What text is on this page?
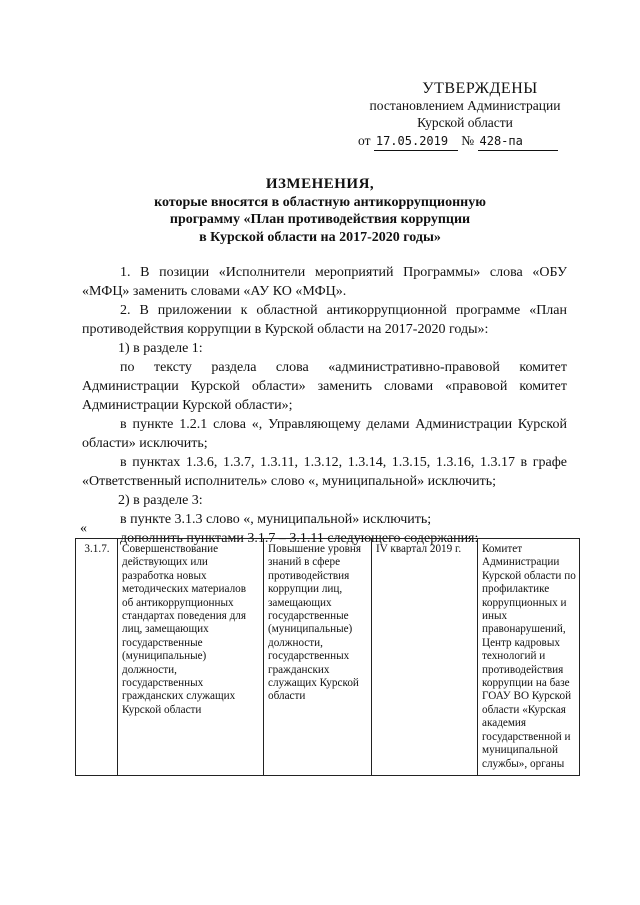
УТВЕРЖДЕНЫ
постановлением Администрации
Курской области
от 17.05.2019 № 428-па
ИЗМЕНЕНИЯ,
которые вносятся в областную антикоррупционную
программу «План противодействия коррупции
в Курской области на 2017-2020 годы»

1. В позиции «Исполнители мероприятий Программы» слова «ОБУ «МФЦ» заменить словами «АУ КО «МФЦ».

2. В приложении к областной антикоррупционной программе «План противодействия коррупции в Курской области на 2017-2020 годы»:

1) в разделе 1:

по тексту раздела слова «административно-правовой комитет Администрации Курской области» заменить словами «правовой комитет Администрации Курской области»;

в пункте 1.2.1 слова «, Управляющему делами Администрации Курской области» исключить;

в пунктах 1.3.6, 1.3.7, 1.3.11, 1.3.12, 1.3.14, 1.3.15, 1.3.16, 1.3.17 в графе «Ответственный исполнитель» слово «, муниципальной» исключить;

2) в разделе 3:

в пункте 3.1.3 слово «, муниципальной» исключить;

дополнить пунктами 3.1.7 – 3.1.11 следующего содержания:

«
3.1.7.	Совершенствование действующих или разработка новых методических материалов об антикоррупционных стандартах поведения для лиц, замещающих государственные (муниципальные) должности, государственных гражданских служащих Курской области	Повышение уровня знаний в сфере противодействия коррупции лиц, замещающих государственные (муниципальные) должности, государственных гражданских служащих Курской области	IV квартал 2019 г.	Комитет Администрации Курской области по профилактике коррупционных и иных правонарушений, Центр кадровых технологий и противодействия коррупции на базе ГОАУ ВО Курской области «Курская академия государственной и муниципальной службы», органы
